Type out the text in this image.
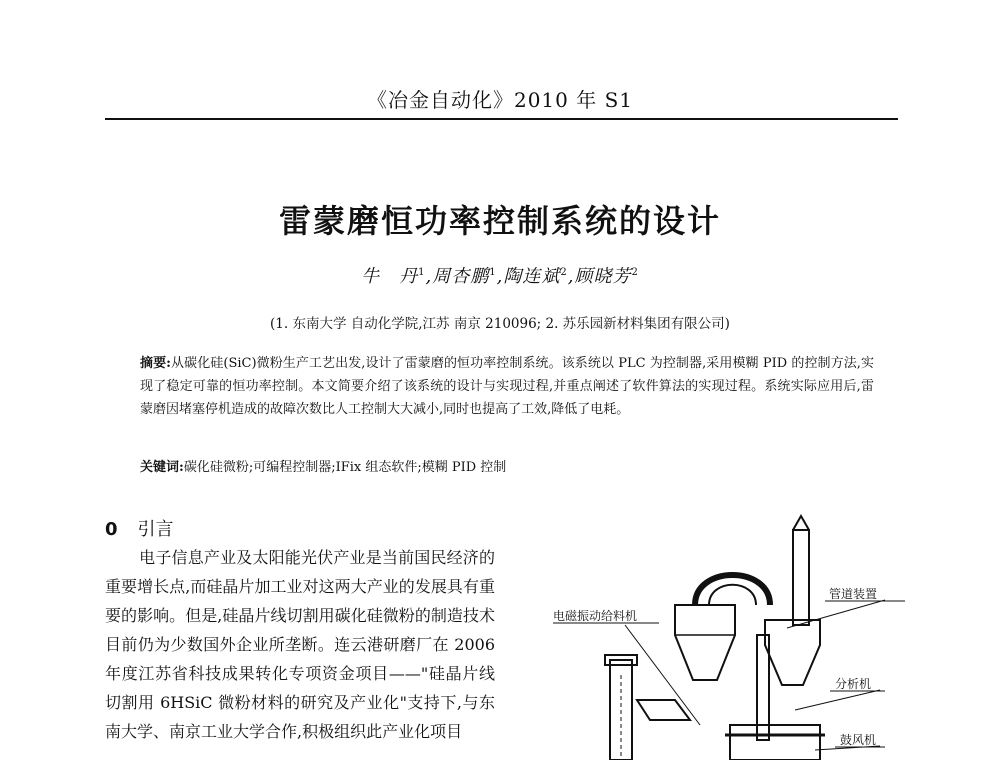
《冶金自动化》2010 年 S1
雷蒙磨恒功率控制系统的设计
牛　丹$^1$,周杏鹏$^1$,陶连斌$^2$,顾晓芳$^2$
(1. 东南大学 自动化学院,江苏 南京 210096; 2. 苏乐园新材料集团有限公司)
摘要:从碳化硅(SiC)微粉生产工艺出发,设计了雷蒙磨的恒功率控制系统。该系统以 PLC 为控制器,采用模糊 PID 的控制方法,实现了稳定可靠的恒功率控制。本文简要介绍了该系统的设计与实现过程,并重点阐述了软件算法的实现过程。系统实际应用后,雷蒙磨因堵塞停机造成的故障次数比人工控制大大减小,同时也提高了工效,降低了电耗。
关键词:碳化硅微粉;可编程控制器;IFix 组态软件;模糊 PID 控制
0 引言
电子信息产业及太阳能光伏产业是当前国民经济的重要增长点,而硅晶片加工业对这两大产业的发展具有重要的影响。但是,硅晶片线切割用碳化硅微粉的制造技术目前仍为少数国外企业所垄断。连云港研磨厂在 2006 年度江苏省科技成果转化专项资金项目——"硅晶片线切割用 6HSiC 微粉材料的研究及产业化"支持下,与东南大学、南京工业大学合作,积极组织此产业化项目
电磁振动给料机
管道装置
分析机
鼓风机
